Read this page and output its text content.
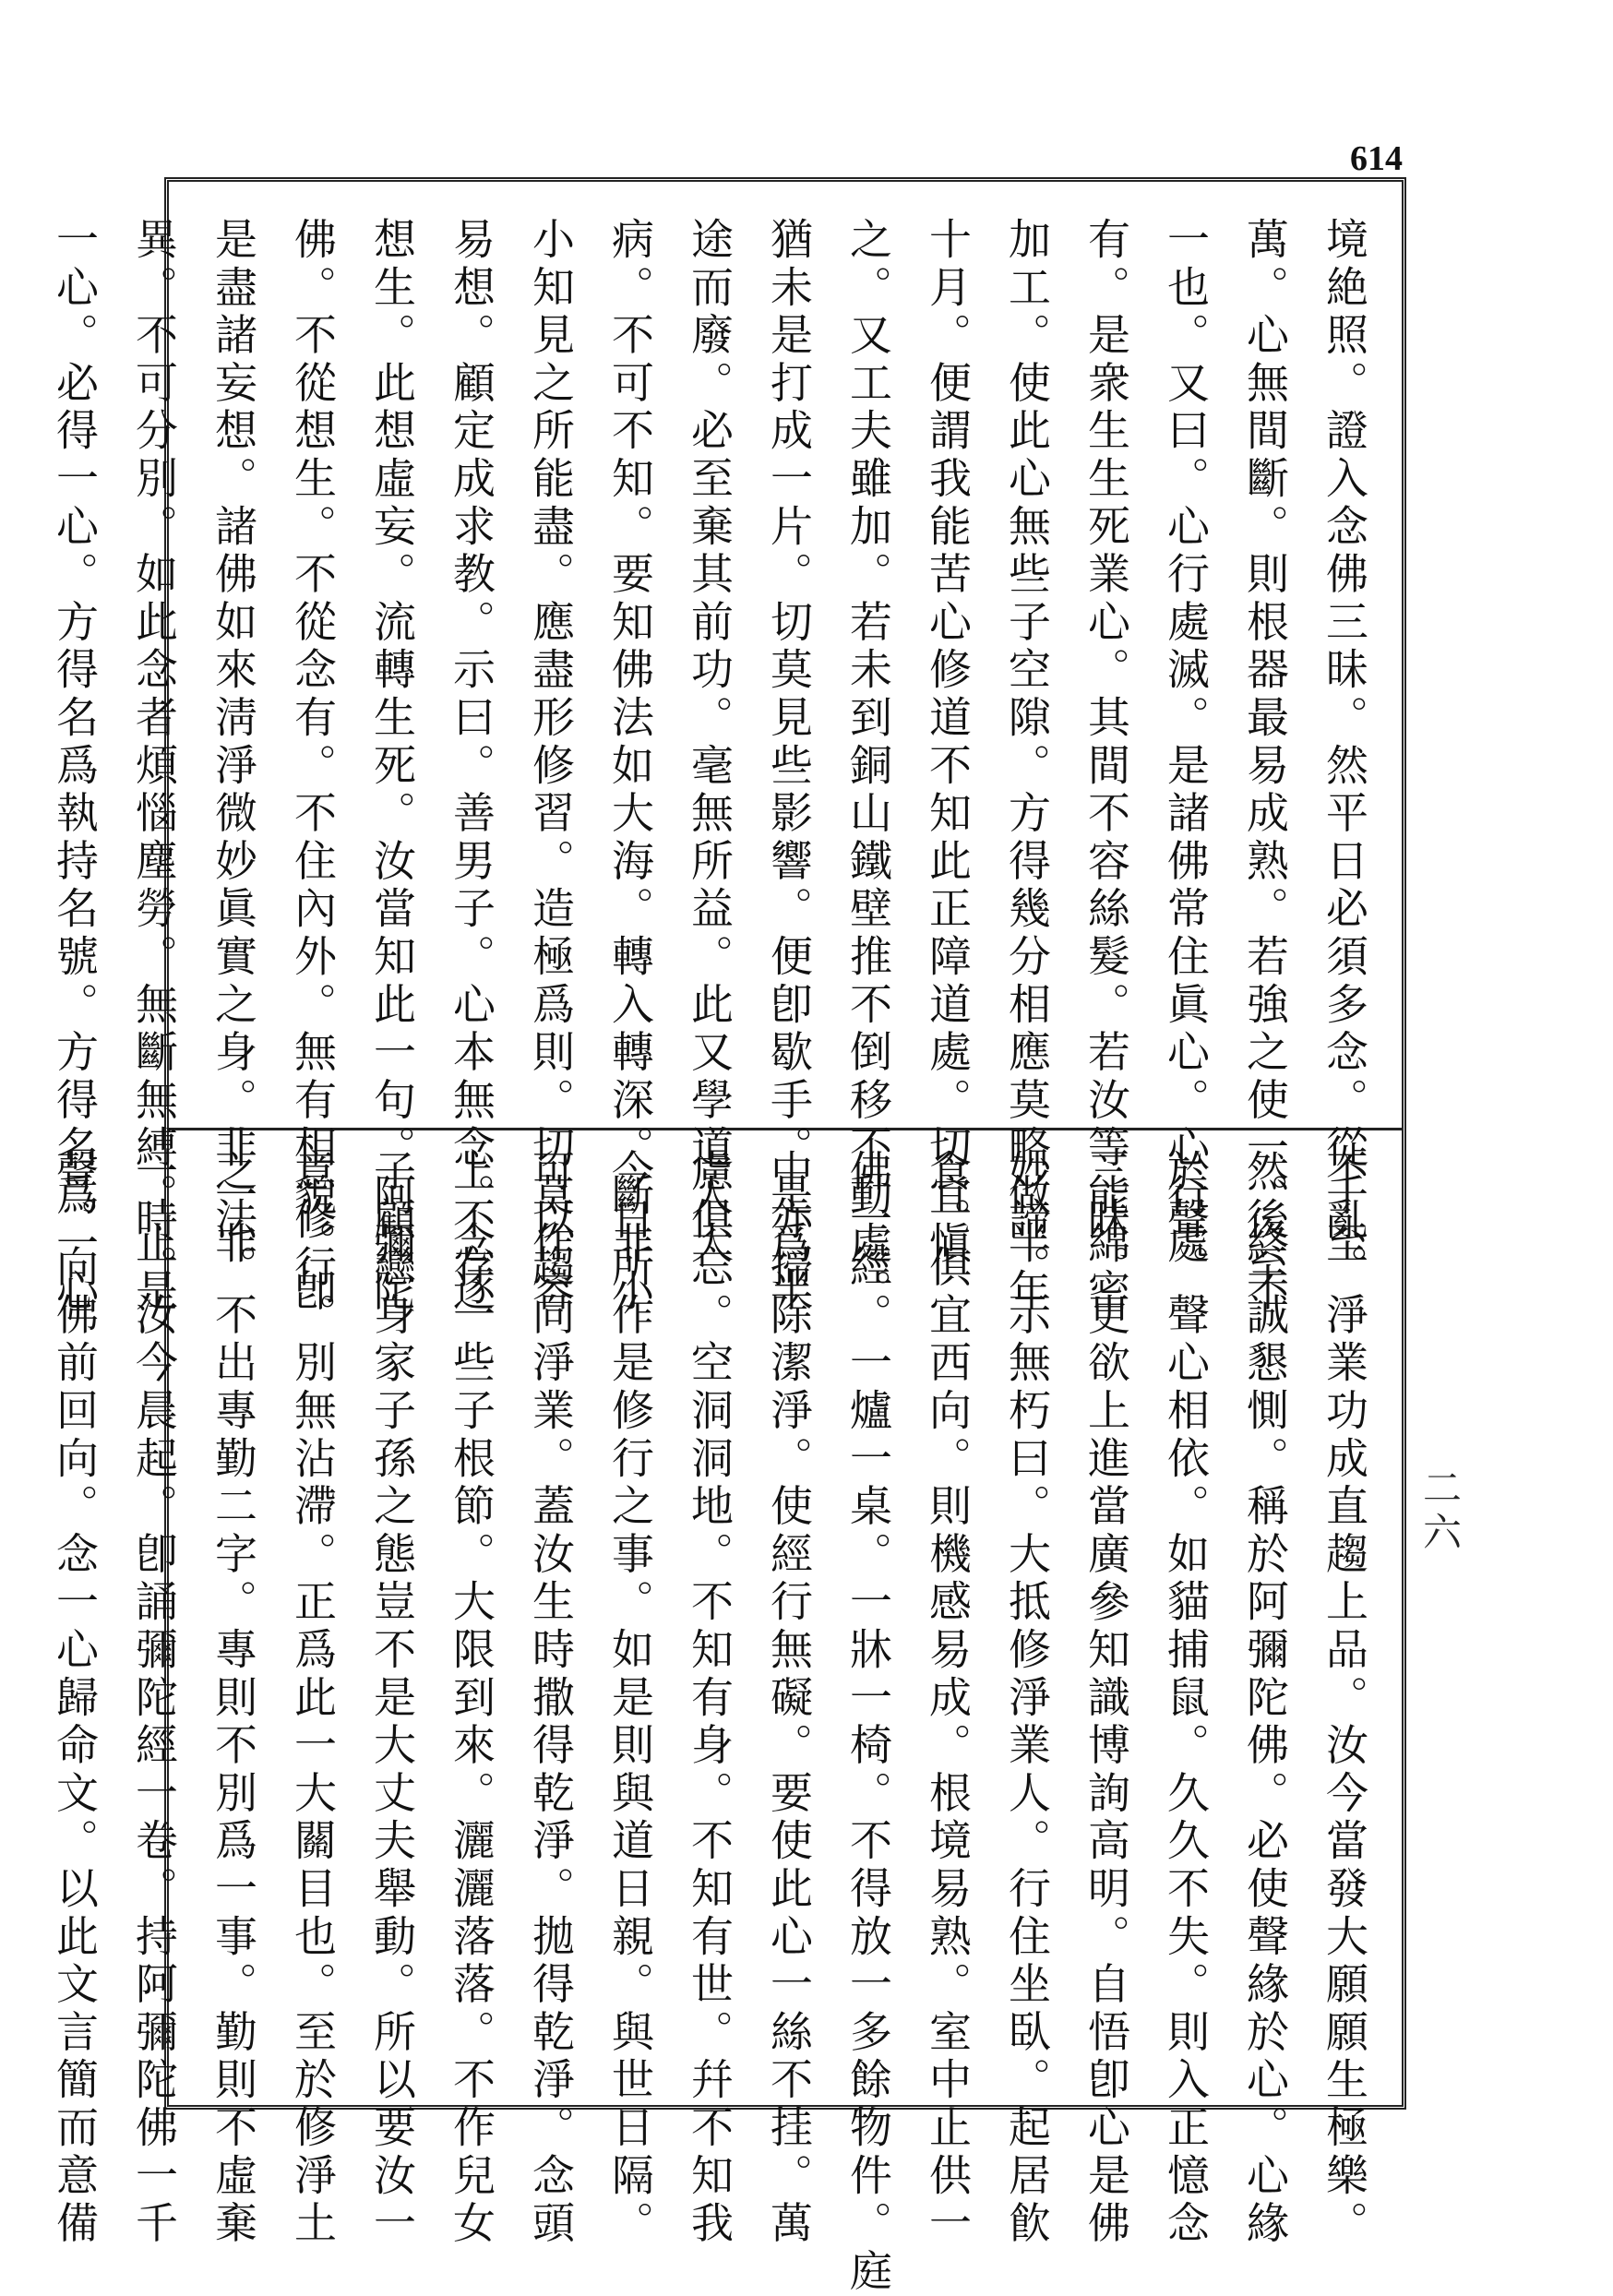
614
二六

境絶照。證入念佛三昧。然平日必須多念。從千至

萬。心無間斷。則根器最易成熟。若強之使一。終不

一也。又曰。心行處滅。是諸佛常住眞心。心行處

有。是衆生生死業心。其間不容絲髮。若汝等能綿密

加工。使此心無些子空隙。方得幾分相應莫略做半年

十月。便謂我能苦心修道不知此正障道處。切宜愼

之。又工夫雖加。若未到銅山鐵壁推不倒移不動處。

猶未是打成一片。切莫見些影響。便卽歇手。是爲半

途而廢。必至棄其前功。毫無所益。此又學道人大

病。不可不知。要知佛法如大海。轉入轉深。斷非小

小知見之所能盡。應盡形修習。造極爲則。切莫作容

易想。顧定成求教。示曰。善男子。心本無念。念逐

想生。此想虛妄。流轉生死。汝當知此一句。阿彌陀

佛。不從想生。不從念有。不住內外。無有相貌。卽

是盡諸妄想。諸佛如來淸淨微妙眞實之身。非一非

異。不可分別。如此念者煩惱塵勞。無斷無縛。止是

一心。必得一心。方得名爲執持名號。方得名爲一心

不亂。淨業功成直趨上品。汝今當發大願願生極樂。

然後至誠懇惻。稱於阿彌陀佛。必使聲緣於心。心緣

於聲。聲心相依。如貓捕鼠。久久不失。則入正憶念

三昧。更欲上進當廣參知識博詢高明。自悟卽心是佛

妙諦。示無朽曰。大抵修淨業人。行住坐臥。起居飮

食。俱宜西向。則機感易成。根境易熟。室中止供一

佛一經。一爐一桌。一牀一椅。不得放一多餘物件。庭

中亦掃除潔淨。使經行無礙。要使此心一絲不挂。萬

慮俱忘。空洞洞地。不知有身。不知有世。幷不知我

今日所作是修行之事。如是則與道日親。與世日隔。

可以趨向淨業。蓋汝生時撒得乾淨。拋得乾淨。念頭

上不存一些子根節。大限到來。灑灑落落。不作兒女

子顧戀身家子孫之態豈不是大丈夫舉動。所以要汝一

意修行。別無沾滯。正爲此一大關目也。至於修淨土

之法。不出專勤二字。專則不別爲一事。勤則不虛棄

一時。汝今晨起。卽誦彌陀經一卷。持阿彌陀佛一千

聲。向佛前回向。念一心歸命文。以此文言簡而意備
